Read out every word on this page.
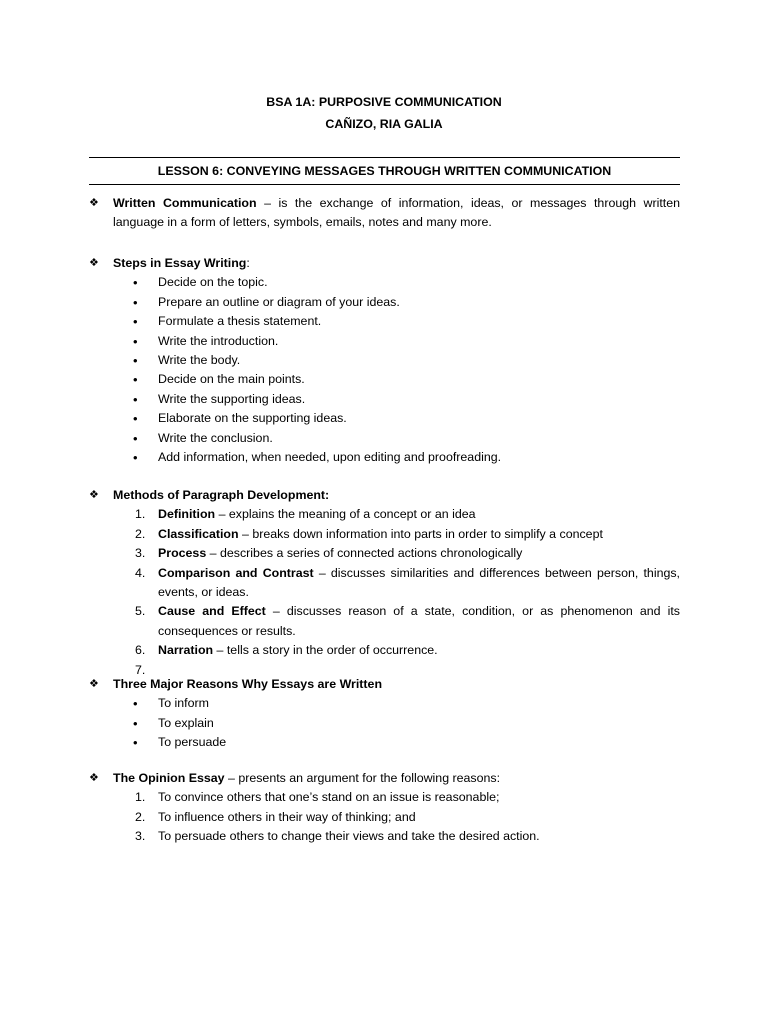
BSA 1A: PURPOSIVE COMMUNICATION
CAÑIZO, RIA GALIA
LESSON 6: CONVEYING MESSAGES THROUGH WRITTEN COMMUNICATION
❖	Written Communication – is the exchange of information, ideas, or messages through written language in a form of letters, symbols, emails, notes and many more.
❖	Steps in Essay Writing:
• Decide on the topic.
• Prepare an outline or diagram of your ideas.
• Formulate a thesis statement.
• Write the introduction.
• Write the body.
• Decide on the main points.
• Write the supporting ideas.
• Elaborate on the supporting ideas.
• Write the conclusion.
• Add information, when needed, upon editing and proofreading.
❖	Methods of Paragraph Development:
1. Definition – explains the meaning of a concept or an idea
2. Classification – breaks down information into parts in order to simplify a concept
3. Process – describes a series of connected actions chronologically
4. Comparison and Contrast – discusses similarities and differences between person, things, events, or ideas.
5. Cause and Effect – discusses reason of a state, condition, or as phenomenon and its consequences or results.
6. Narration – tells a story in the order of occurrence.
7.

❖	Three Major Reasons Why Essays are Written
• To inform
• To explain
• To persuade
❖	The Opinion Essay – presents an argument for the following reasons:
1. To convince others that one’s stand on an issue is reasonable;
2. To influence others in their way of thinking; and
3. To persuade others to change their views and take the desired action.
